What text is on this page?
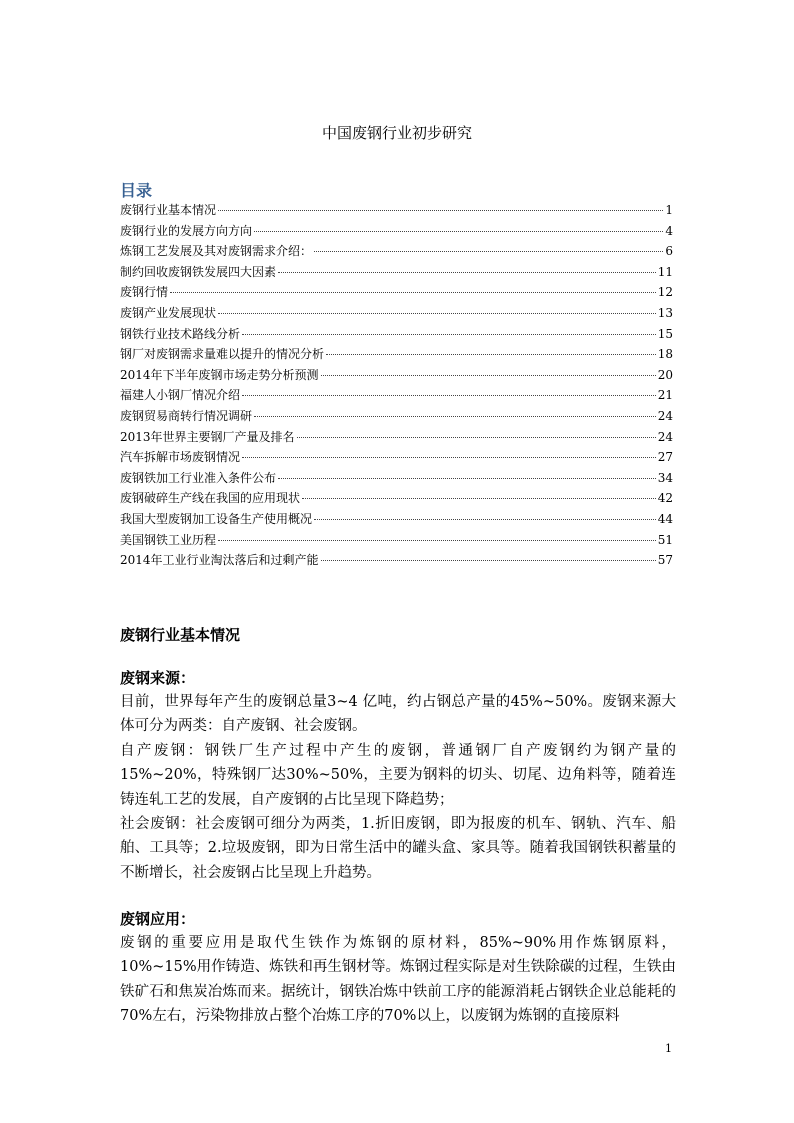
中国废钢行业初步研究
目录
废钢行业基本情况	1
废钢行业的发展方向方向	4
炼钢工艺发展及其对废钢需求介绍：	6
制约回收废钢铁发展四大因素	11
废钢行情	12
废钢产业发展现状	13
钢铁行业技术路线分析	15
钢厂对废钢需求量难以提升的情况分析	18
2014年下半年废钢市场走势分析预测	20
福建人小钢厂情况介绍	21
废钢贸易商转行情况调研	24
2013年世界主要钢厂产量及排名	24
汽车拆解市场废钢情况	27
废钢铁加工行业准入条件公布	34
废钢破碎生产线在我国的应用现状	42
我国大型废钢加工设备生产使用概况	44
美国钢铁工业历程	51
2014年工业行业淘汰落后和过剩产能	57
废钢行业基本情况
废钢来源：

目前，世界每年产生的废钢总量3~4 亿吨，约占钢总产量的45%~50%。废钢来源大体可分为两类：自产废钢、社会废钢。

自产废钢：钢铁厂生产过程中产生的废钢，普通钢厂自产废钢约为钢产量的15%~20%，特殊钢厂达30%~50%，主要为钢料的切头、切尾、边角料等，随着连铸连轧工艺的发展，自产废钢的占比呈现下降趋势；

社会废钢：社会废钢可细分为两类，1.折旧废钢，即为报废的机车、钢轨、汽车、船舶、工具等；2.垃圾废钢，即为日常生活中的罐头盒、家具等。随着我国钢铁积蓄量的不断增长，社会废钢占比呈现上升趋势。

废钢应用：

废钢的重要应用是取代生铁作为炼钢的原材料，85%~90%用作炼钢原料，10%~15%用作铸造、炼铁和再生钢材等。炼钢过程实际是对生铁除碳的过程，生铁由铁矿石和焦炭冶炼而来。据统计，钢铁冶炼中铁前工序的能源消耗占钢铁企业总能耗的70%左右，污染物排放占整个冶炼工序的70%以上，以废钢为炼钢的直接原料

1
